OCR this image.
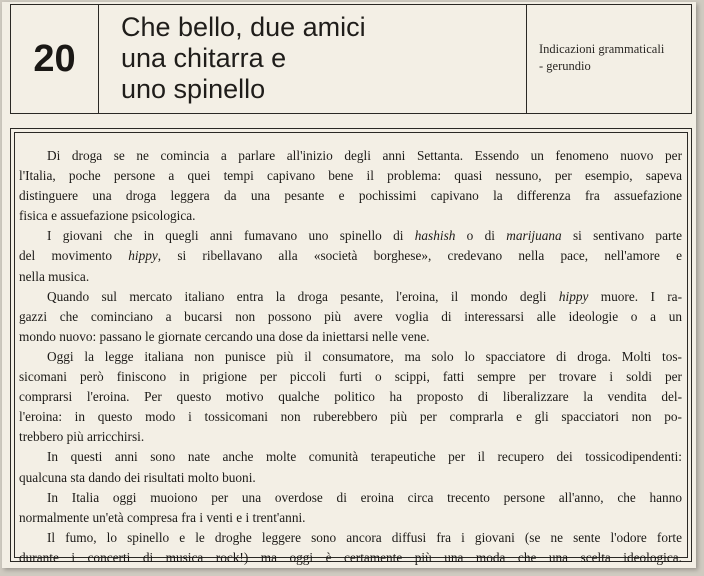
20
Che bello, due amici
una chitarra e
uno spinello
Indicazioni grammaticali
- gerundio
Di droga se ne comincia a parlare all'inizio degli anni Settanta. Essendo un fenomeno nuovo per
l'Italia, poche persone a quei tempi capivano bene il problema: quasi nessuno, per esempio, sapeva
distinguere una droga leggera da una pesante e pochissimi capivano la differenza fra assuefazione
fisica e assuefazione psicologica.
I giovani che in quegli anni fumavano uno spinello di hashish o di marijuana si sentivano parte
del movimento hippy, si ribellavano alla «società borghese», credevano nella pace, nell'amore e
nella musica.
Quando sul mercato italiano entra la droga pesante, l'eroina, il mondo degli hippy muore. I ra-
gazzi che cominciano a bucarsi non possono più avere voglia di interessarsi alle ideologie o a un
mondo nuovo: passano le giornate cercando una dose da iniettarsi nelle vene.
Oggi la legge italiana non punisce più il consumatore, ma solo lo spacciatore di droga. Molti tos-
sicomani però finiscono in prigione per piccoli furti o scippi, fatti sempre per trovare i soldi per
comprarsi l'eroina. Per questo motivo qualche politico ha proposto di liberalizzare la vendita del-
l'eroina: in questo modo i tossicomani non ruberebbero più per comprarla e gli spacciatori non po-
trebbero più arricchirsi.
In questi anni sono nate anche molte comunità terapeutiche per il recupero dei tossicodipendenti:
qualcuna sta dando dei risultati molto buoni.
In Italia oggi muoiono per una overdose di eroina circa trecento persone all'anno, che hanno
normalmente un'età compresa fra i venti e i trent'anni.
Il fumo, lo spinello e le droghe leggere sono ancora diffusi fra i giovani (se ne sente l'odore forte
durante i concerti di musica rock!) ma oggi è certamente più una moda che una scelta ideologica.
